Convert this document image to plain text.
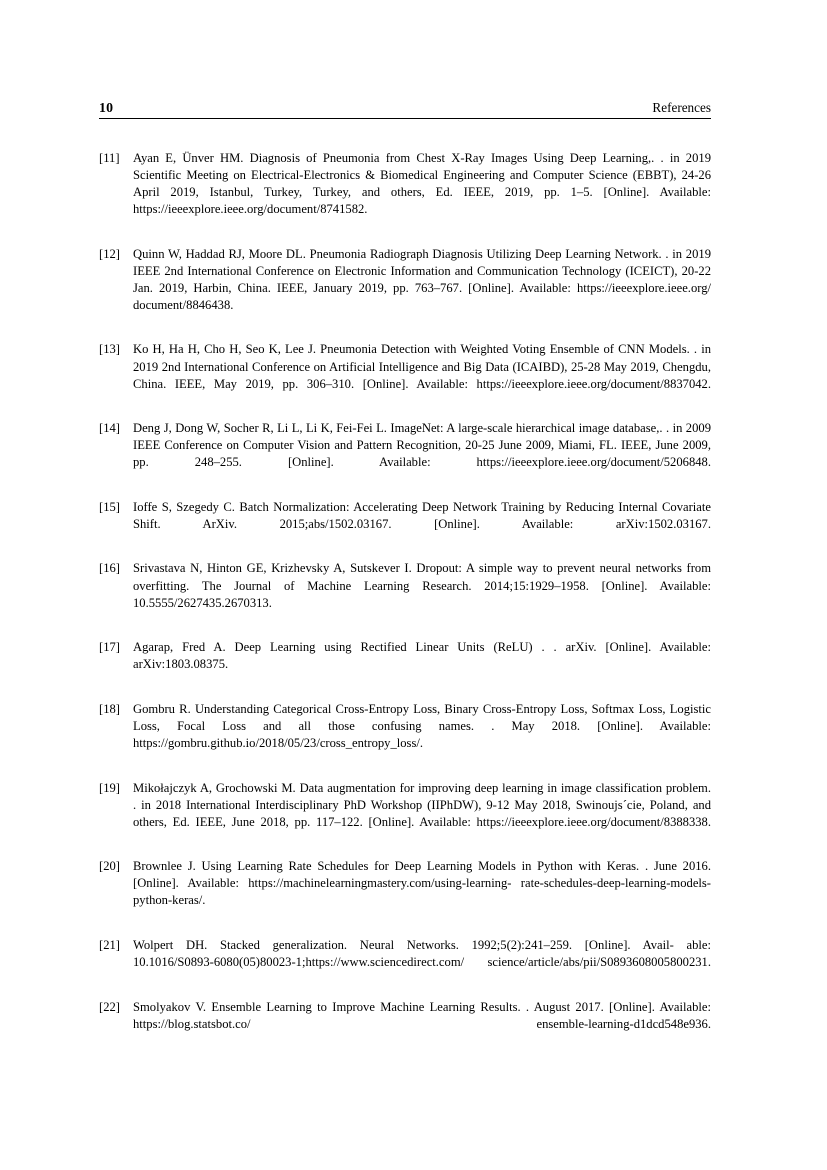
10	References
[11]	Ayan E, Ünver HM. Diagnosis of Pneumonia from Chest X-Ray Images Using Deep Learning,. . in 2019 Scientific Meeting on Electrical-Electronics & Biomedical Engineering and Computer Science (EBBT), 24-26 April 2019, Istanbul, Turkey, Turkey, and others, Ed. IEEE, 2019, pp. 1–5. [Online]. Available: https://ieeexplore.ieee.org/document/8741582.
[12]	Quinn W, Haddad RJ, Moore DL. Pneumonia Radiograph Diagnosis Utilizing Deep Learning Network. . in 2019 IEEE 2nd International Conference on Electronic Information and Communication Technology (ICEICT), 20-22 Jan. 2019, Harbin, China. IEEE, January 2019, pp. 763–767. [Online]. Available: https://ieeexplore.ieee.org/ document/8846438.
[13]	Ko H, Ha H, Cho H, Seo K, Lee J. Pneumonia Detection with Weighted Voting Ensemble of CNN Models. . in 2019 2nd International Conference on Artificial Intelligence and Big Data (ICAIBD), 25-28 May 2019, Chengdu, China. IEEE, May 2019, pp. 306–310. [Online]. Available: https://ieeexplore.ieee.org/document/8837042.
[14]	Deng J, Dong W, Socher R, Li L, Li K, Fei-Fei L. ImageNet: A large-scale hierarchical image database,. . in 2009 IEEE Conference on Computer Vision and Pattern Recognition, 20-25 June 2009, Miami, FL. IEEE, June 2009, pp. 248–255. [Online]. Available: https://ieeexplore.ieee.org/document/5206848.
[15]	Ioffe S, Szegedy C. Batch Normalization: Accelerating Deep Network Training by Reducing Internal Covariate Shift. ArXiv. 2015;abs/1502.03167. [Online]. Available: arXiv:1502.03167.
[16]	Srivastava N, Hinton GE, Krizhevsky A, Sutskever I. Dropout: A simple way to prevent neural networks from overfitting. The Journal of Machine Learning Research. 2014;15:1929–1958. [Online]. Available: 10.5555/2627435.2670313.
[17]	Agarap, Fred A. Deep Learning using Rectified Linear Units (ReLU) . . arXiv. [Online]. Available: arXiv:1803.08375.
[18]	Gombru R. Understanding Categorical Cross-Entropy Loss, Binary Cross-Entropy Loss, Softmax Loss, Logistic Loss, Focal Loss and all those confusing names. . May 2018. [Online]. Available: https://gombru.github.io/2018/05/23/cross_entropy_loss/.
[19]	Mikołajczyk A, Grochowski M. Data augmentation for improving deep learning in image classification problem. . in 2018 International Interdisciplinary PhD Workshop (IIPhDW), 9-12 May 2018, Swinoujs´cie, Poland, and others, Ed. IEEE, June 2018, pp. 117–122. [Online]. Available: https://ieeexplore.ieee.org/document/8388338.
[20]	Brownlee J. Using Learning Rate Schedules for Deep Learning Models in Python with Keras. . June 2016. [Online]. Available: https://machinelearningmastery.com/using-learning- rate-schedules-deep-learning-models-python-keras/.
[21]	Wolpert DH. Stacked generalization. Neural Networks. 1992;5(2):241–259. [Online]. Avail- able: 10.1016/S0893-6080(05)80023-1;https://www.sciencedirect.com/ science/article/abs/pii/S0893608005800231.
[22]	Smolyakov V. Ensemble Learning to Improve Machine Learning Results. . August 2017. [Online]. Available: https://blog.statsbot.co/ ensemble-learning-d1dcd548e936.
